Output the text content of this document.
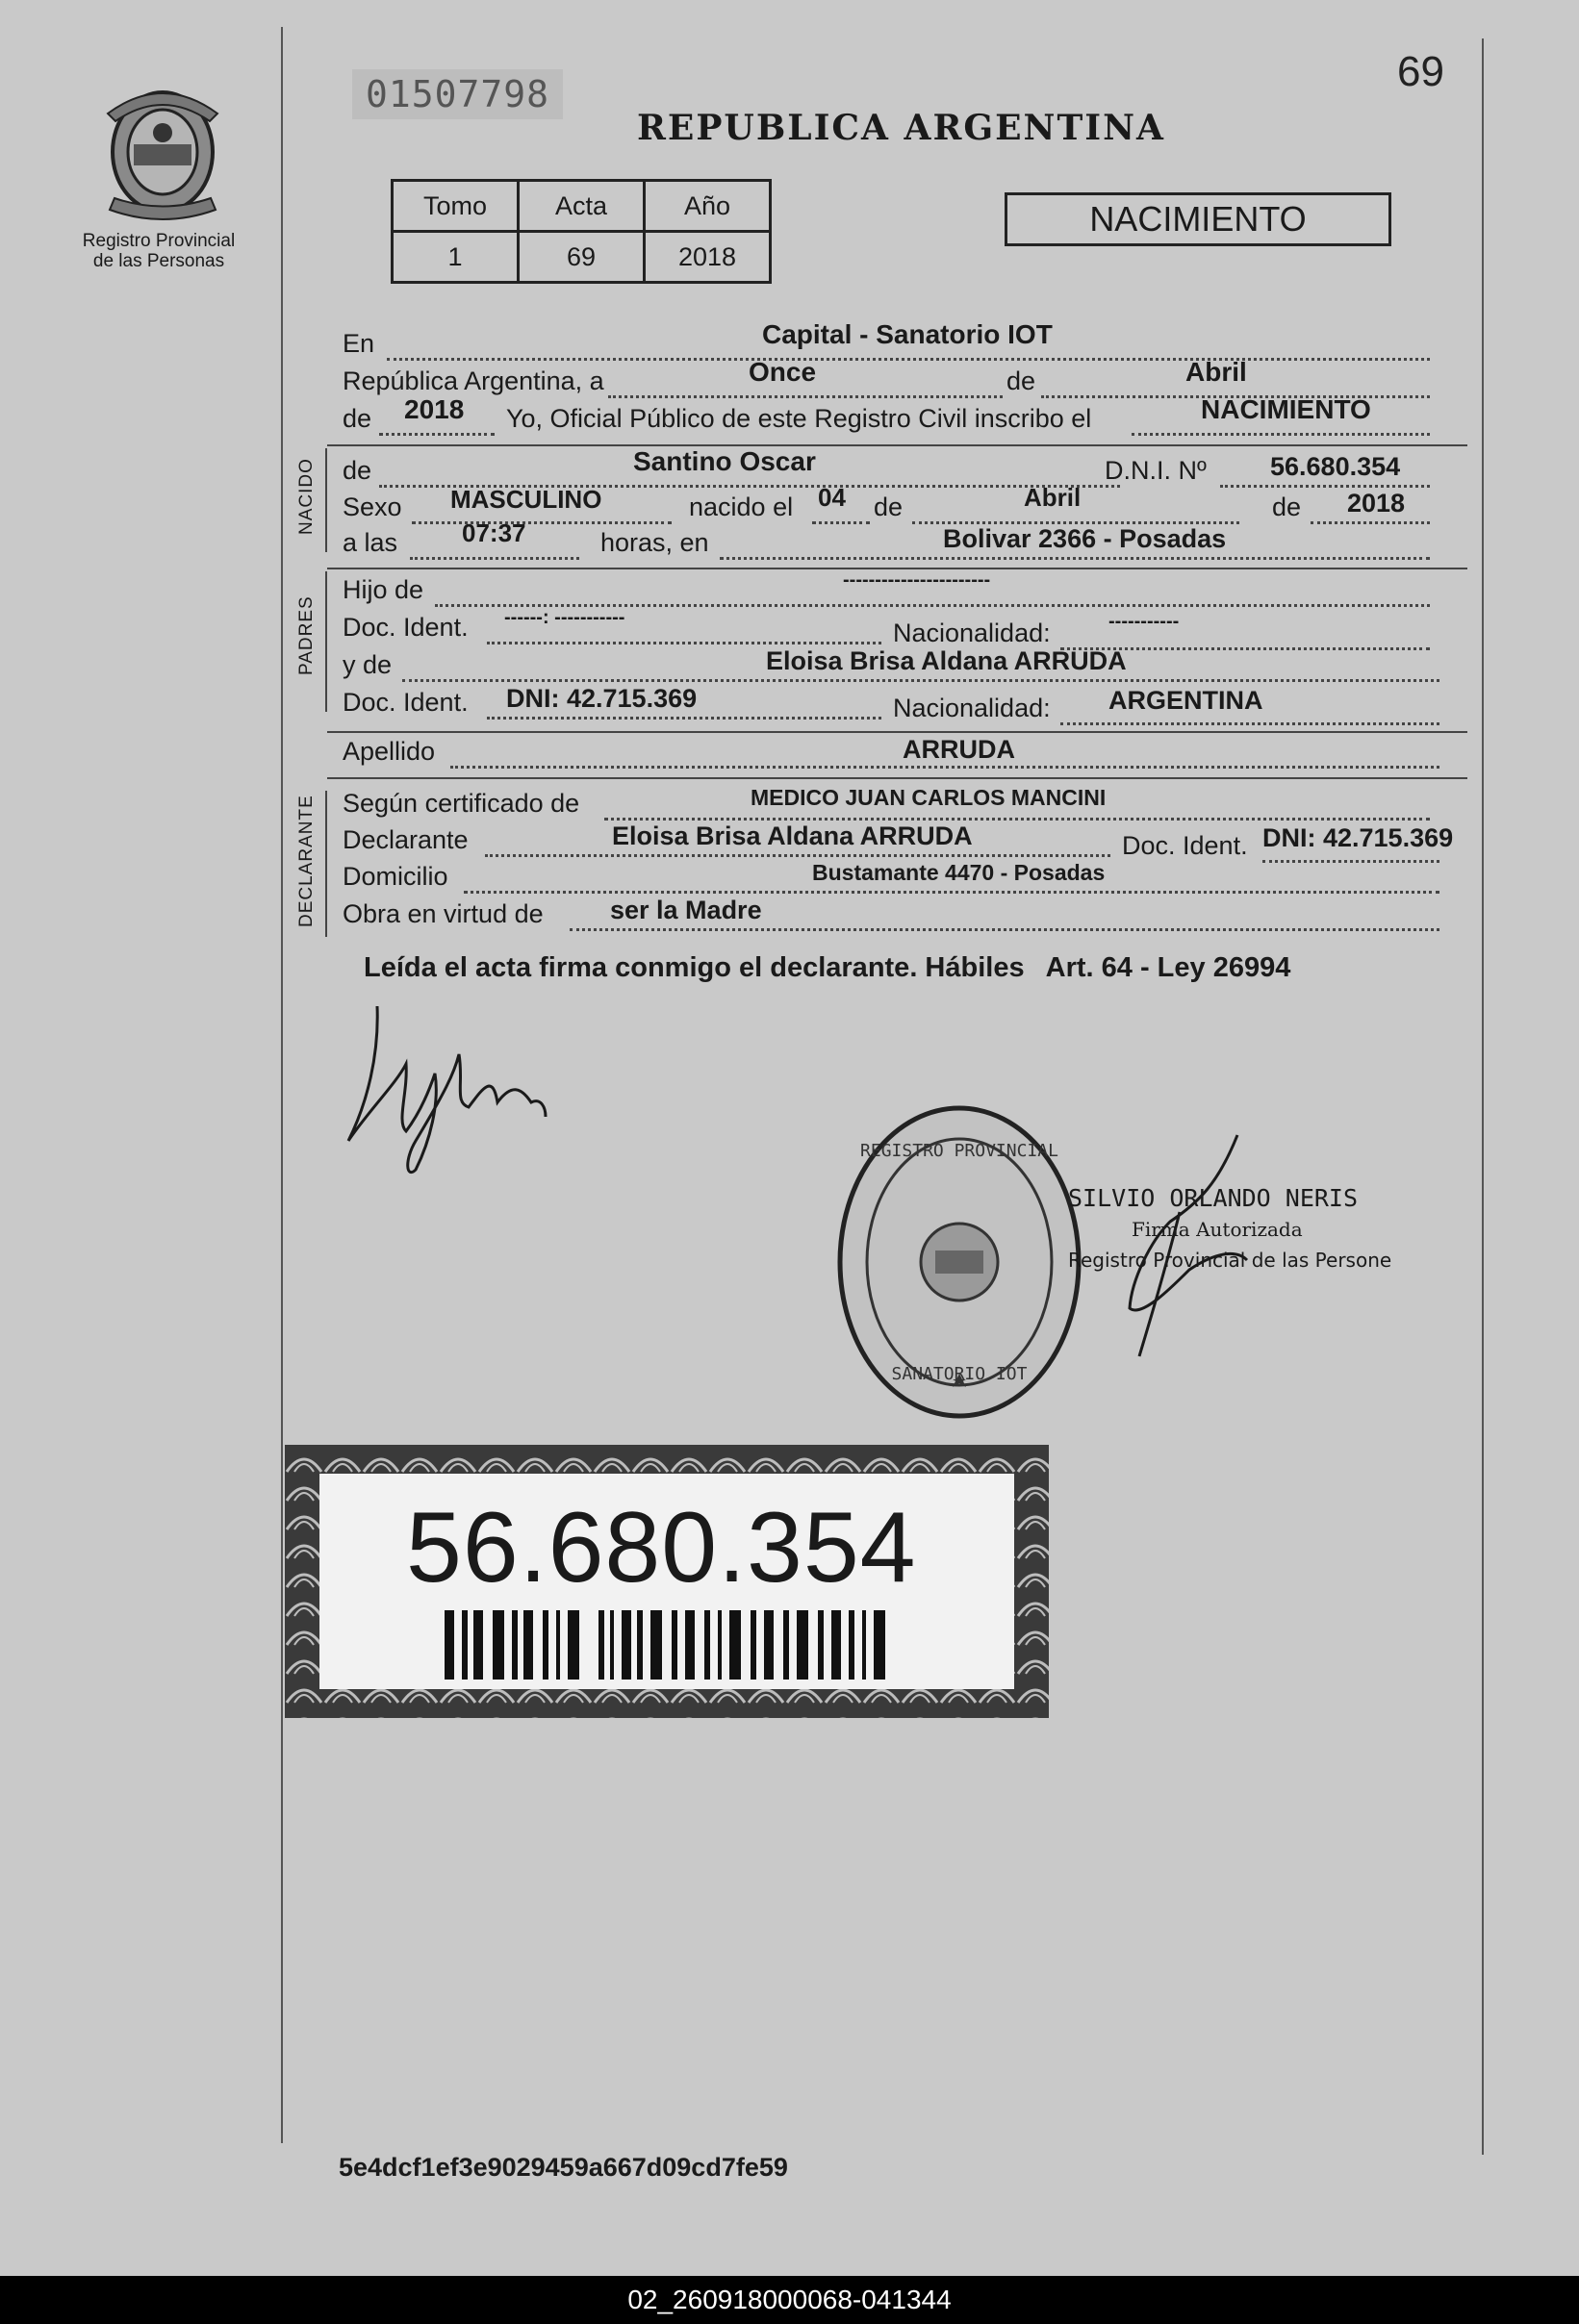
Registro Provincial
de las Personas
01507798	69
REPUBLICA ARGENTINA
Tomo	Acta	Año
1	69	2018
NACIMIENTO
En	Capital - Sanatorio IOT
República Argentina, a	Once	de	Abril
de 2018 Yo, Oficial Público de este Registro Civil inscribo el	NACIMIENTO
NACIDO de	Santino Oscar	D.N.I. Nº 56.680.354
Sexo MASCULINO	nacido el 04 de	Abril	de 2018
a las	07:37	horas, en	Bolivar 2366 - Posadas
PADRES
Hijo de	-----------------------
Doc. Ident. ------: -----------
Nacionalidad:	-----------
y de	Eloisa Brisa Aldana ARRUDA
Doc. Ident. DNI: 42.715.369	Nacionalidad: ARGENTINA
Apellido	ARRUDA
DECLARANTE Según certificado de	MEDICO JUAN CARLOS MANCINI
Declarante	Eloisa Brisa Aldana ARRUDA	Doc. Ident. DNI: 42.715.369
Domicilio	Bustamante 4470 - Posadas
Obra en virtud de	ser la Madre
Leída el acta firma conmigo el declarante. Hábiles Art. 64 - Ley 26994
REGISTRO PROVINCIAL
SANATORIO IOT
SILVIO ORLANDO NERIS
Firma Autorizada
Registro Provincial de las Persone
56.680.354
5e4dcf1ef3e9029459a667d09cd7fe59
02_260918000068-041344
